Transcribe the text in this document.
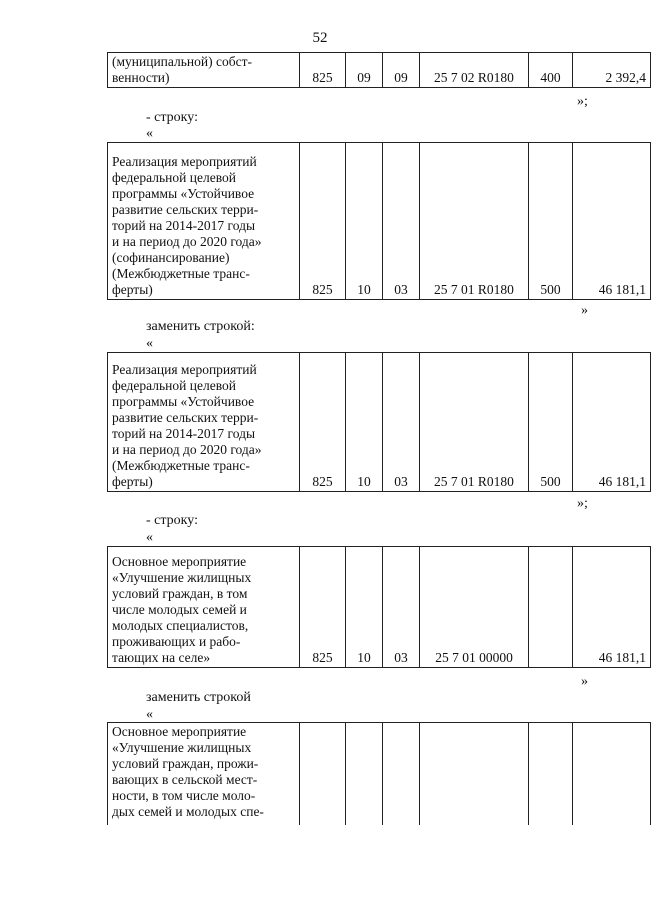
52
(муниципальной) собст-
венности)	825	09	09	25 7 02 R0180	400	2 392,4
»;
- строку:
«
Реализация мероприятий
федеральной целевой
программы «Устойчивое
развитие сельских терри-
торий на 2014-2017 годы
и на период до 2020 года»
(софинансирование)
(Межбюджетные транс-
ферты)	825	10	03	25 7 01 R0180	500	46 181,1
»
заменить строкой:
«
Реализация мероприятий
федеральной целевой
программы «Устойчивое
развитие сельских терри-
торий на 2014-2017 годы
и на период до 2020 года»
(Межбюджетные транс-
ферты)	825	10	03	25 7 01 R0180	500	46 181,1
»;
- строку:
«
Основное мероприятие
«Улучшение жилищных
условий граждан, в том
числе молодых семей и
молодых специалистов,
проживающих и рабо-
тающих на селе»	825	10	03	25 7 01 00000		46 181,1
»
заменить строкой
«
Основное мероприятие
«Улучшение жилищных
условий граждан, прожи-
вающих в сельской мест-
ности, в том числе моло-
дых семей и молодых спе-						
